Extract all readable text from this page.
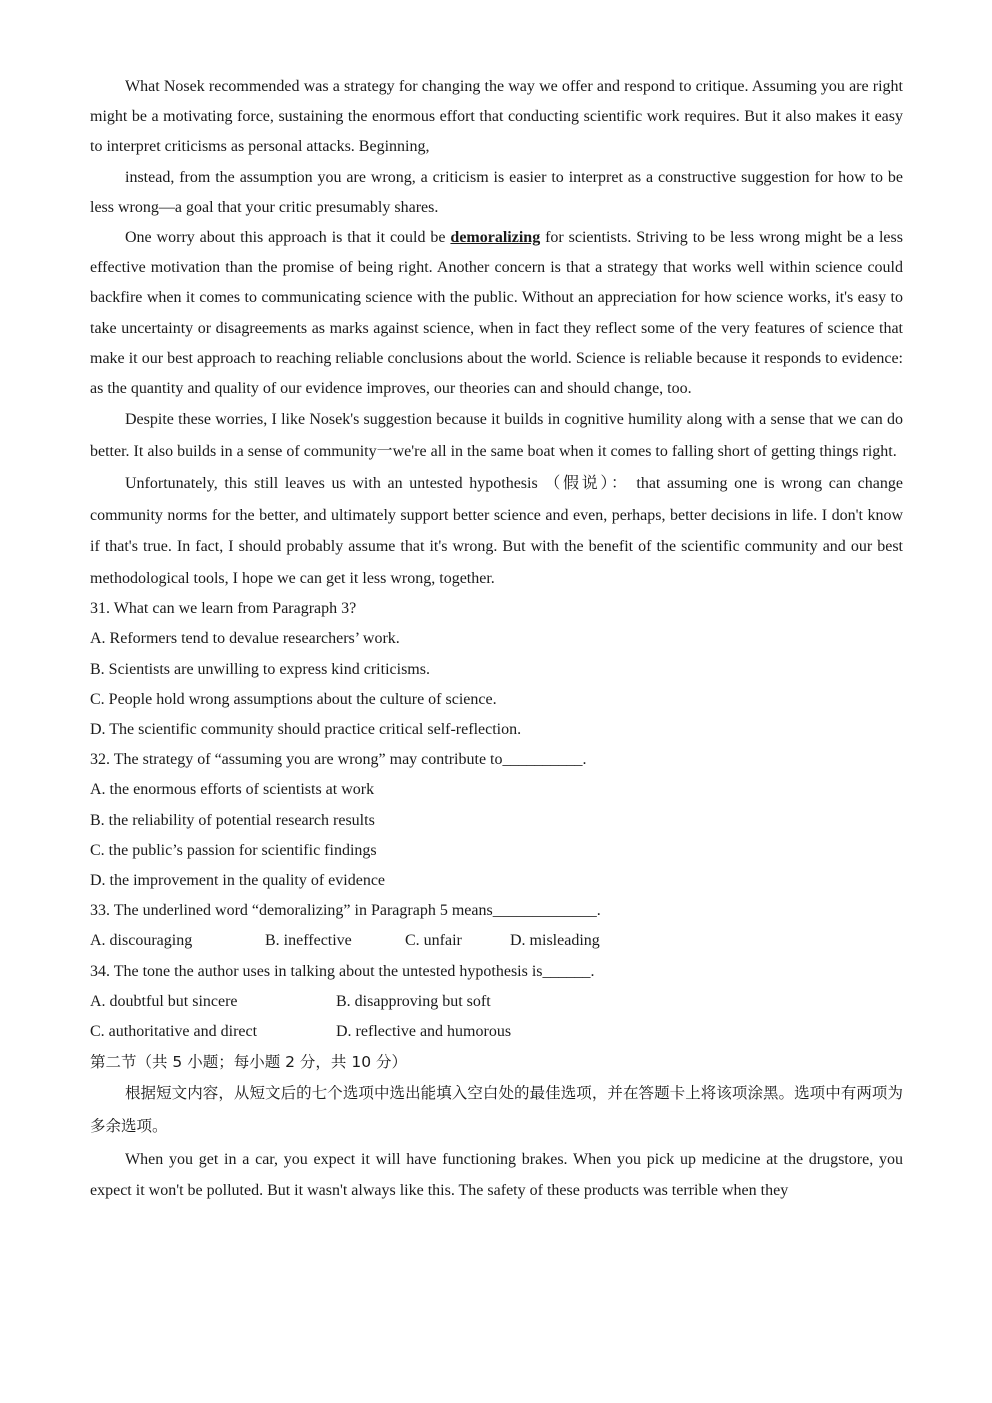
What Nosek recommended was a strategy for changing the way we offer and respond to critique. Assuming you are right might be a motivating force, sustaining the enormous effort that conducting scientific work requires. But it also makes it easy to interpret criticisms as personal attacks. Beginning,

instead, from the assumption you are wrong, a criticism is easier to interpret as a constructive suggestion for how to be less wrong—a goal that your critic presumably shares.

One worry about this approach is that it could be demoralizing for scientists. Striving to be less wrong might be a less effective motivation than the promise of being right. Another concern is that a strategy that works well within science could backfire when it comes to communicating science with the public. Without an appreciation for how science works, it's easy to take uncertainty or disagreements as marks against science, when in fact they reflect some of the very features of science that make it our best approach to reaching reliable conclusions about the world. Science is reliable because it responds to evidence: as the quantity and quality of our evidence improves, our theories can and should change, too.

Despite these worries, I like Nosek's suggestion because it builds in cognitive humility along with a sense that we can do better. It also builds in a sense of community一we're all in the same boat when it comes to falling short of getting things right.

Unfortunately, this still leaves us with an untested hypothesis （假说）： that assuming one is wrong can change community norms for the better, and ultimately support better science and even, perhaps, better decisions in life. I don't know if that's true. In fact, I should probably assume that it's wrong. But with the benefit of the scientific community and our best methodological tools, I hope we can get it less wrong, together.

31. What can we learn from Paragraph 3?
A. Reformers tend to devalue researchers’ work.
B. Scientists are unwilling to express kind criticisms.
C. People hold wrong assumptions about the culture of science.
D. The scientific community should practice critical self-reflection.
32. The strategy of “assuming you are wrong” may contribute to__________.
A. the enormous efforts of scientists at work
B. the reliability of potential research results
C. the public’s passion for scientific findings
D. the improvement in the quality of evidence
33. The underlined word “demoralizing” in Paragraph 5 means_____________.
A. discouraging	B. ineffective	C. unfair	D. misleading
34. The tone the author uses in talking about the untested hypothesis is______.
A. doubtful but sincere	B. disapproving but soft
C. authoritative and direct	D. reflective and humorous
第二节（共 5 小题；每小题 2 分，共 10 分）

根据短文内容，从短文后的七个选项中选出能填入空白处的最佳选项，并在答题卡上将该项涂黑。选项中有两项为多余选项。

When you get in a car, you expect it will have functioning brakes. When you pick up medicine at the drugstore, you expect it won't be polluted. But it wasn't always like this. The safety of these products was terrible when they
